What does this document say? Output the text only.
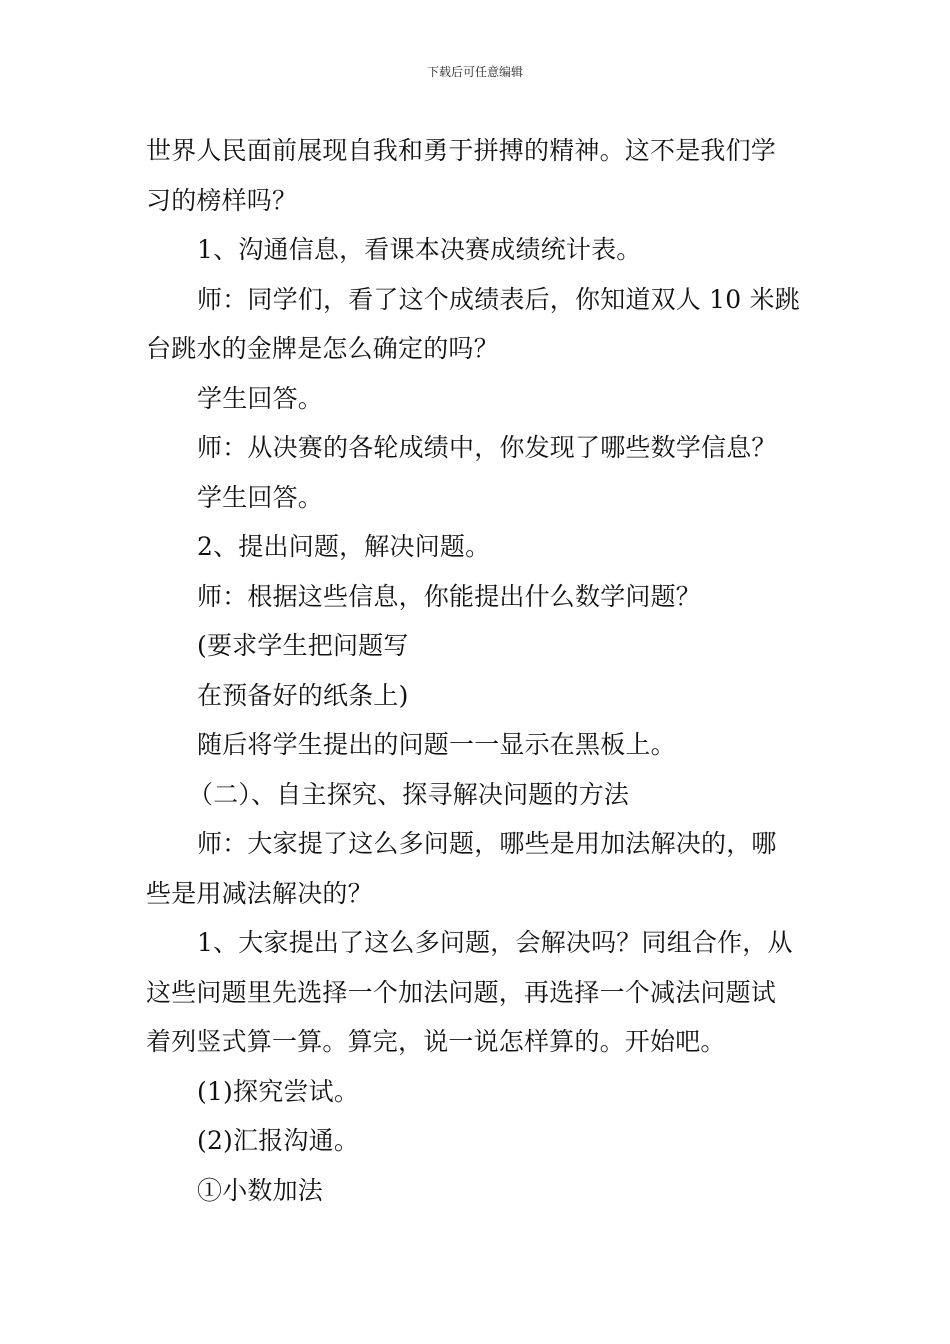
下载后可任意编辑
世界人民面前展现自我和勇于拼搏的精神。这不是我们学
习的榜样吗？
1、沟通信息，看课本决赛成绩统计表。
师：同学们，看了这个成绩表后，你知道双人 10 米跳
台跳水的金牌是怎么确定的吗？
学生回答。
师：从决赛的各轮成绩中，你发现了哪些数学信息？
学生回答。
2、提出问题，解决问题。
师：根据这些信息，你能提出什么数学问题？
(要求学生把问题写
在预备好的纸条上)
随后将学生提出的问题一一显示在黑板上。
（二）、自主探究、探寻解决问题的方法
师：大家提了这么多问题，哪些是用加法解决的，哪
些是用减法解决的？
1、大家提出了这么多问题，会解决吗？同组合作，从
这些问题里先选择一个加法问题，再选择一个减法问题试
着列竖式算一算。算完，说一说怎样算的。开始吧。
(1)探究尝试。
(2)汇报沟通。
①小数加法
